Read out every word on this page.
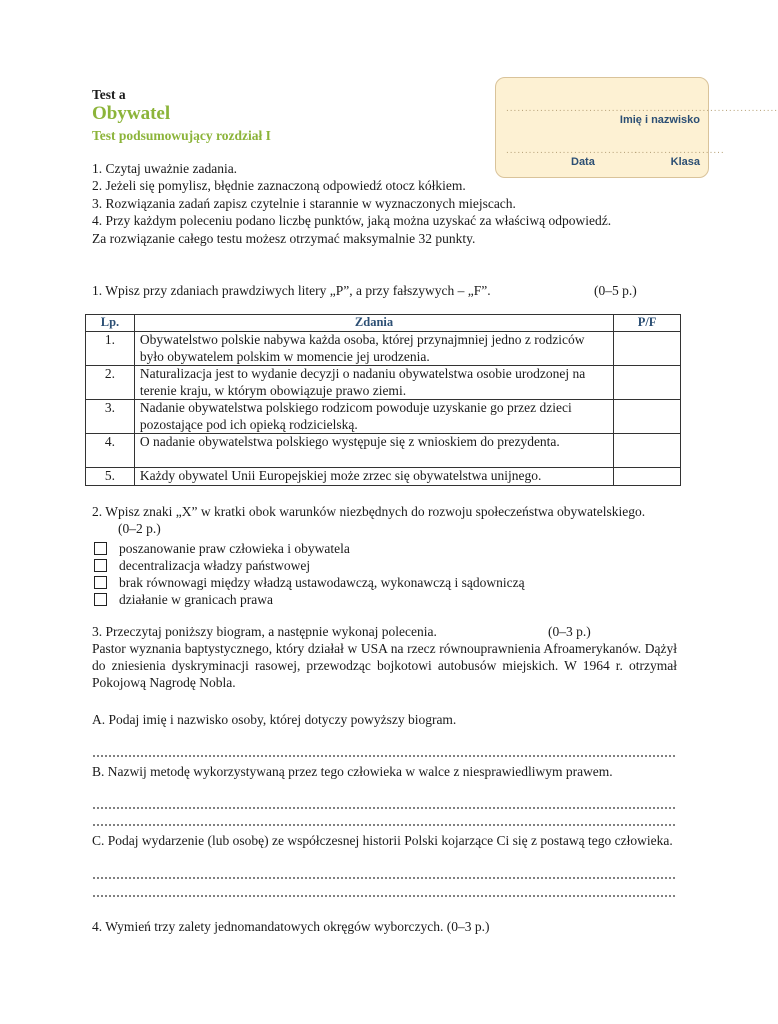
Test a
Obywatel
Test podsumowujący rozdział I
........................................................................
Imię i nazwisko
...................................
........................
Data	Klasa

1. Czytaj uważnie zadania.

2. Jeżeli się pomylisz, błędnie zaznaczoną odpowiedź otocz kółkiem.

3. Rozwiązania zadań zapisz czytelnie i starannie w wyznaczonych miejscach.

4. Przy każdym poleceniu podano liczbę punktów, jaką można uzyskać za właściwą odpowiedź. Za rozwiązanie całego testu możesz otrzymać maksymalnie 32 punkty.

1. Wpisz przy zdaniach prawdziwych litery „P”, a przy fałszywych – „F”.	(0–5 p.)
Lp.	Zdania	P/F
1.	Obywatelstwo polskie nabywa każda osoba, której przynajmniej jedno z rodziców było obywatelem polskim w momencie jej urodzenia.	
2.	Naturalizacja jest to wydanie decyzji o nadaniu obywatelstwa osobie urodzonej na terenie kraju, w którym obowiązuje prawo ziemi.	
3.	Nadanie obywatelstwa polskiego rodzicom powoduje uzyskanie go przez dzieci pozostające pod ich opieką rodzicielską.	
4.	O nadanie obywatelstwa polskiego występuje się z wnioskiem do prezydenta.	
5.	Każdy obywatel Unii Europejskiej może zrzec się obywatelstwa unijnego.	
2. Wpisz znaki „X” w kratki obok warunków niezbędnych do rozwoju społeczeństwa obywatelskiego. (0–2 p.)
poszanowanie praw człowieka i obywatela
decentralizacja władzy państwowej
brak równowagi między władzą ustawodawczą, wykonawczą i sądowniczą
działanie w granicach prawa
3. Przeczytaj poniższy biogram, a następnie wykonaj polecenia.	(0–3 p.)
Pastor wyznania baptystycznego, który działał w USA na rzecz równouprawnienia Afroamerykanów. Dążył do zniesienia dyskryminacji rasowej, przewodząc bojkotowi autobusów miejskich. W 1964 r. otrzymał Pokojową Nagrodę Nobla.
A. Podaj imię i nazwisko osoby, której dotyczy powyższy biogram.
B. Nazwij metodę wykorzystywaną przez tego człowieka w walce z niesprawiedliwym prawem.
C. Podaj wydarzenie (lub osobę) ze współczesnej historii Polski kojarzące Ci się z postawą tego człowieka.
4. Wymień trzy zalety jednomandatowych okręgów wyborczych. (0–3 p.)
